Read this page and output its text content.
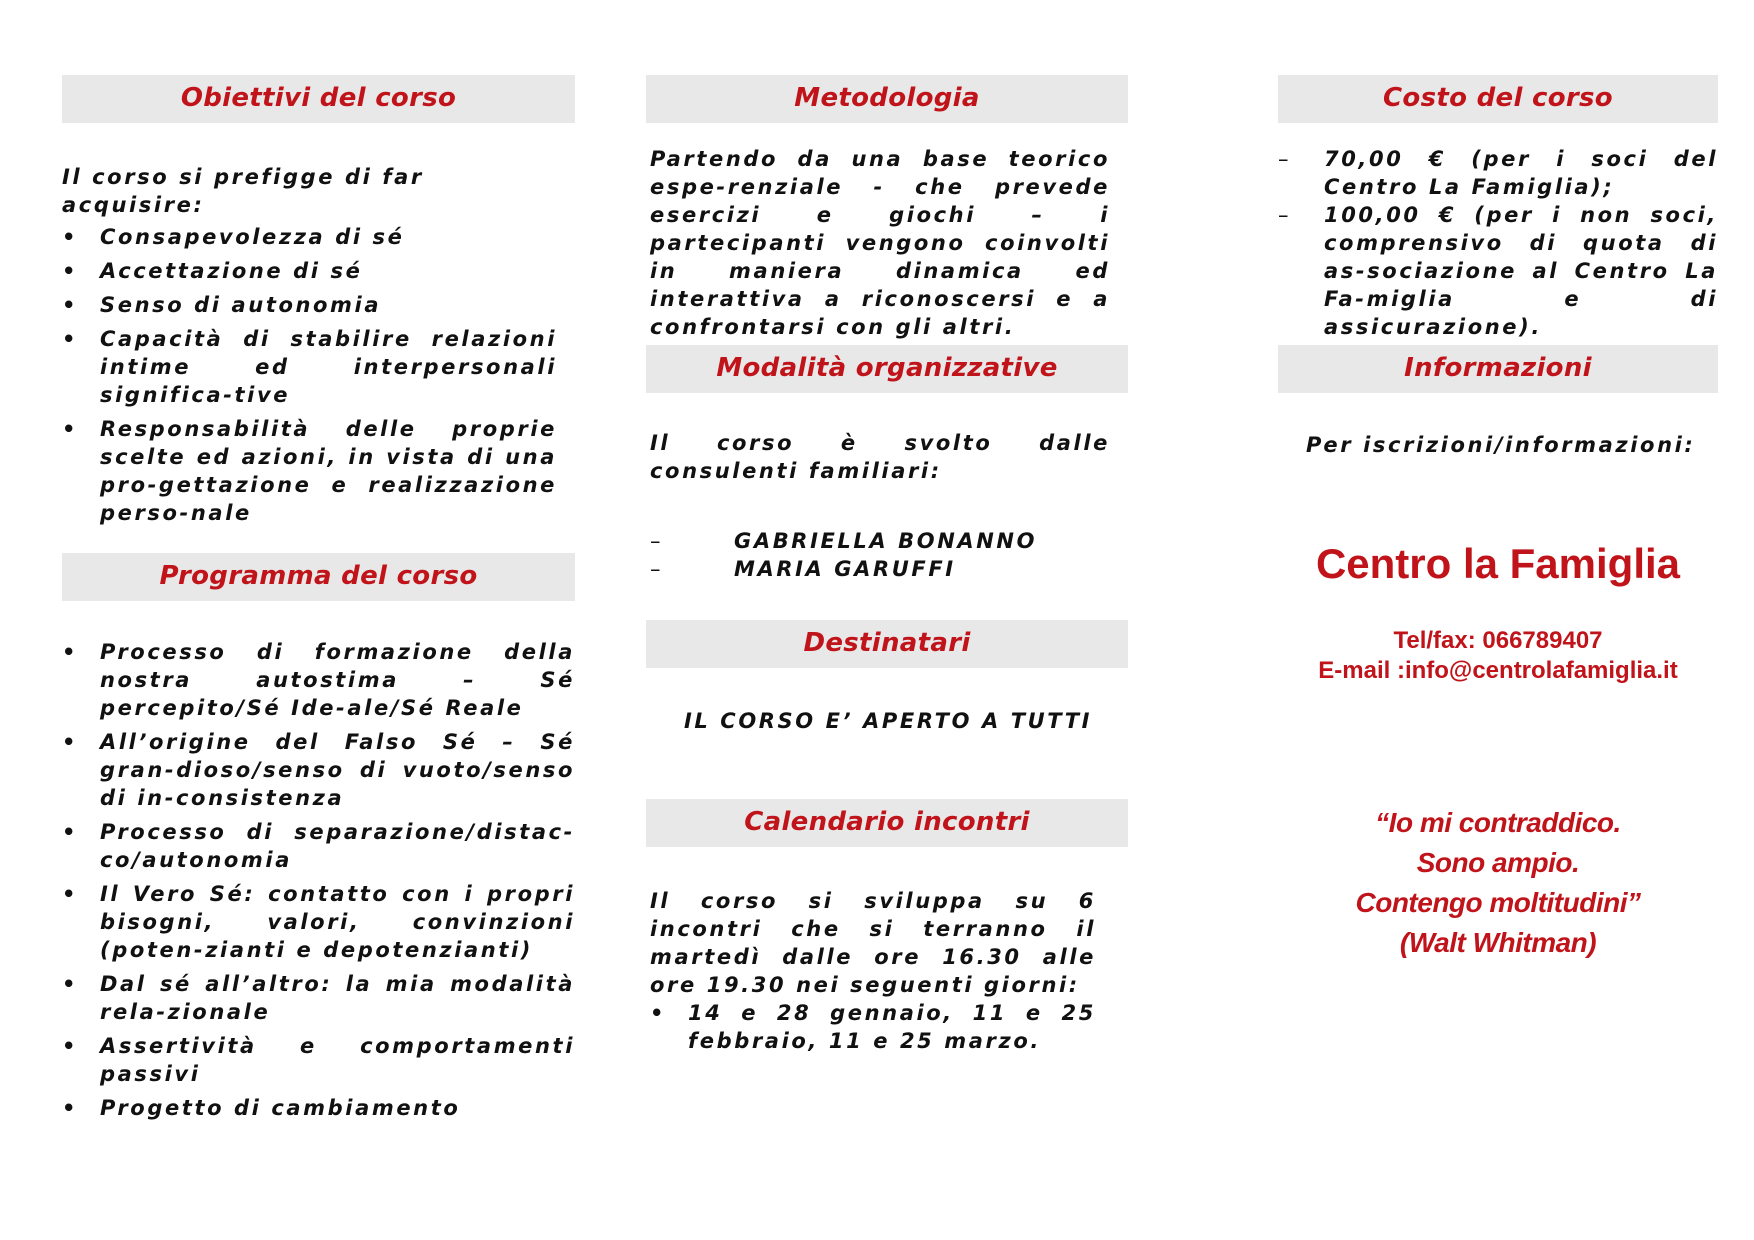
Obiettivi del corso
Il corso si prefigge di far acquisire:
• Consapevolezza di sé
• Accettazione di sé
• Senso di autonomia
• Capacità di stabilire relazioni intime ed interpersonali significa-tive
• Responsabilità delle proprie scelte ed azioni, in vista di una pro-gettazione e realizzazione perso-nale
Programma del corso
• Processo di formazione della nostra autostima – Sé percepito/Sé Ide-ale/Sé Reale
• All’origine del Falso Sé – Sé gran-dioso/senso di vuoto/senso di in-consistenza
• Processo di separazione/distac-co/autonomia
• Il Vero Sé: contatto con i propri bisogni, valori, convinzioni (poten-zianti e depotenzianti)
• Dal sé all’altro: la mia modalità rela-zionale
• Assertività e comportamenti passivi
• Progetto di cambiamento
Metodologia
Partendo da una base teorico espe-renziale - che prevede esercizi e giochi – i partecipanti vengono coinvolti in maniera dinamica ed interattiva a riconoscersi e a confrontarsi con gli altri.
Modalità organizzative
Il corso è svolto dalle consulenti familiari:
–	GABRIELLA BONANNO
–	MARIA GARUFFI
Destinatari
IL CORSO E’ APERTO A TUTTI
Calendario incontri
Il corso si sviluppa su 6 incontri che si terranno il martedì dalle ore 16.30 alle ore 19.30 nei seguenti giorni:
• 14 e 28 gennaio, 11 e 25 febbraio, 11 e 25 marzo.
Costo del corso
– 70,00 € (per i soci del Centro La Famiglia);
– 100,00 € (per i non soci, comprensivo di quota di as-sociazione al Centro La Fa-miglia e di assicurazione).
Informazioni
Per iscrizioni/informazioni:
Centro la Famiglia
Tel/fax: 066789407
E-mail :info@centrolafamiglia.it
“Io mi contraddico.
Sono ampio.
Contengo moltitudini”
(Walt Whitman)
